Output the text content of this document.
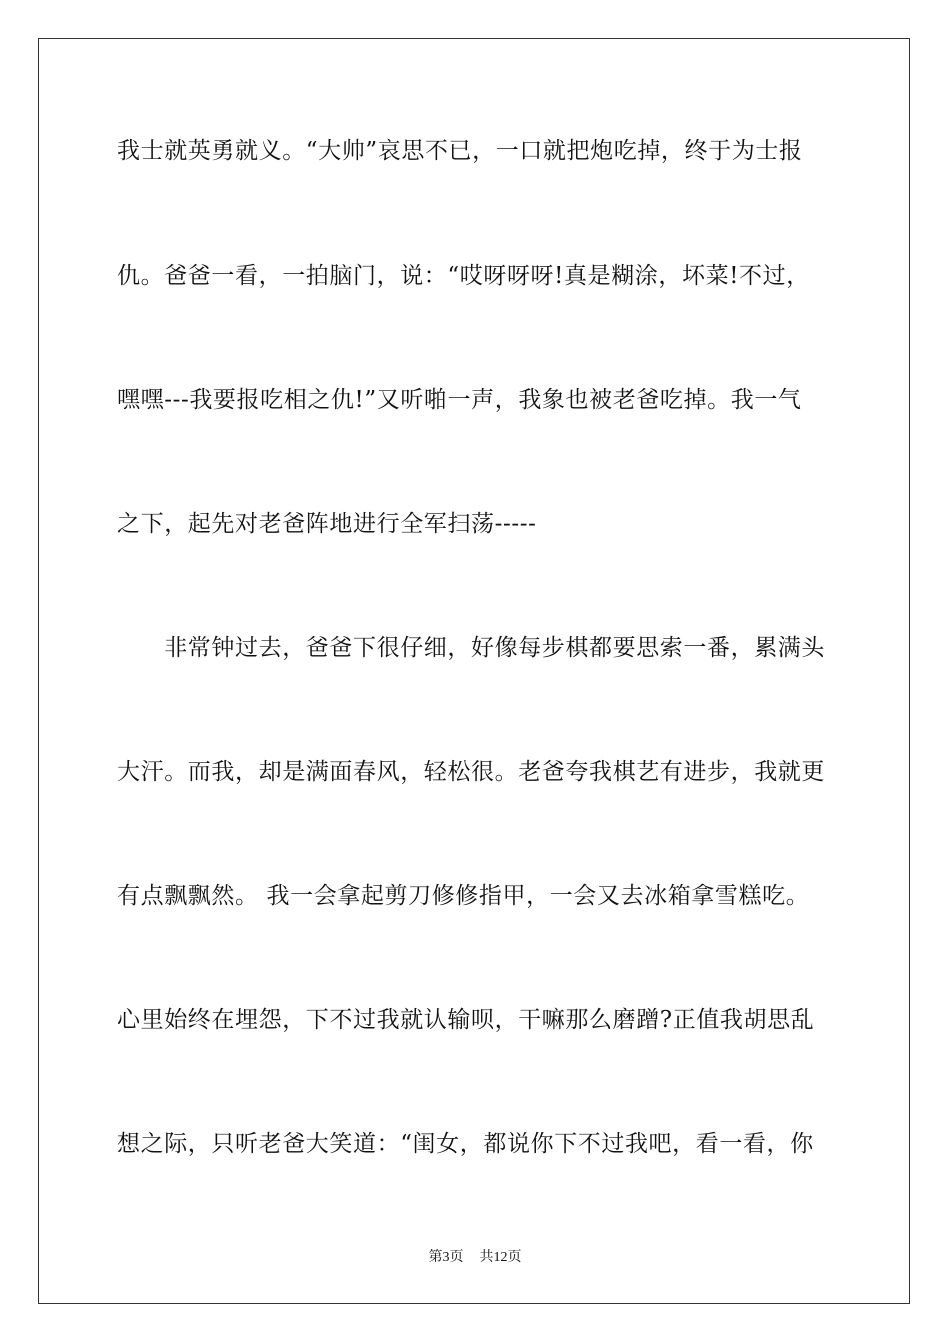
我士就英勇就义。“大帅”哀思不已，一口就把炮吃掉，终于为士报
仇。爸爸一看，一拍脑门，说：“哎呀呀呀!真是糊涂，坏菜!不过，
嘿嘿---我要报吃相之仇!”又听啪一声，我象也被老爸吃掉。我一气
之下，起先对老爸阵地进行全军扫荡-----
　　非常钟过去，爸爸下很仔细，好像每步棋都要思索一番，累满头
大汗。而我，却是满面春风，轻松很。老爸夸我棋艺有进步，我就更
有点飘飘然。 我一会拿起剪刀修修指甲，一会又去冰箱拿雪糕吃。
心里始终在埋怨，下不过我就认输呗，干嘛那么磨蹭?正值我胡思乱
想之际，只听老爸大笑道：“闺女，都说你下不过我吧，看一看，你
第3页 共12页
